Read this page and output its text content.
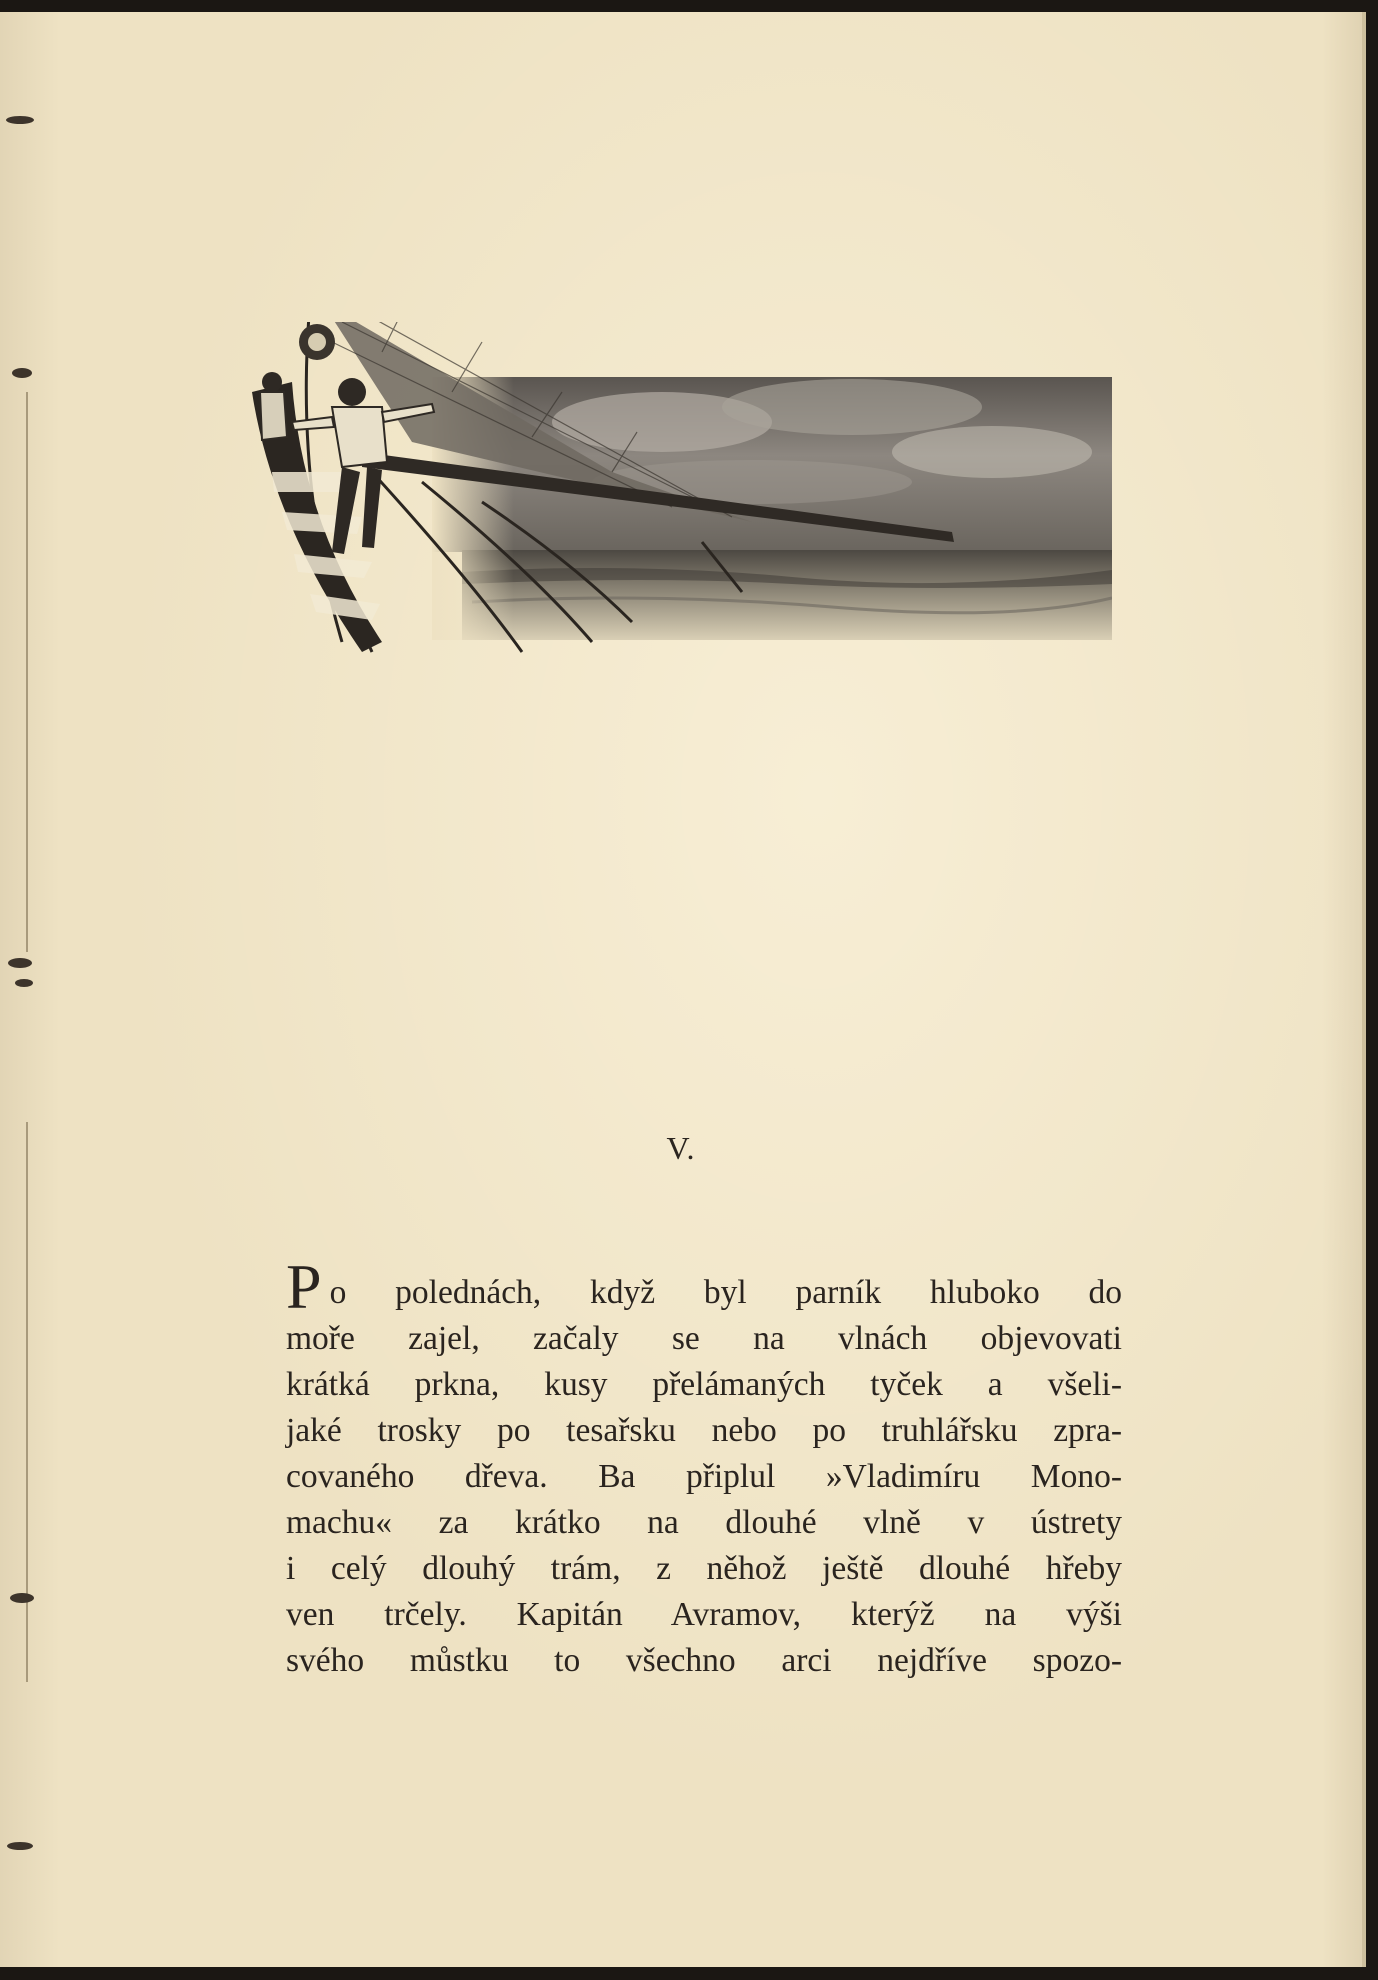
V.
Po polednách, když byl parník hluboko do
moře zajel, začaly se na vlnách objevovati
krátká prkna, kusy přelámaných tyček a všeli-
jaké trosky po tesařsku nebo po truhlářsku zpra-
covaného dřeva. Ba připlul »Vladimíru Mono-
machu« za krátko na dlouhé vlně v ústrety
i celý dlouhý trám, z něhož ještě dlouhé hřeby
ven trčely. Kapitán Avramov, kterýž na výši
svého můstku to všechno arci nejdříve spozo-
